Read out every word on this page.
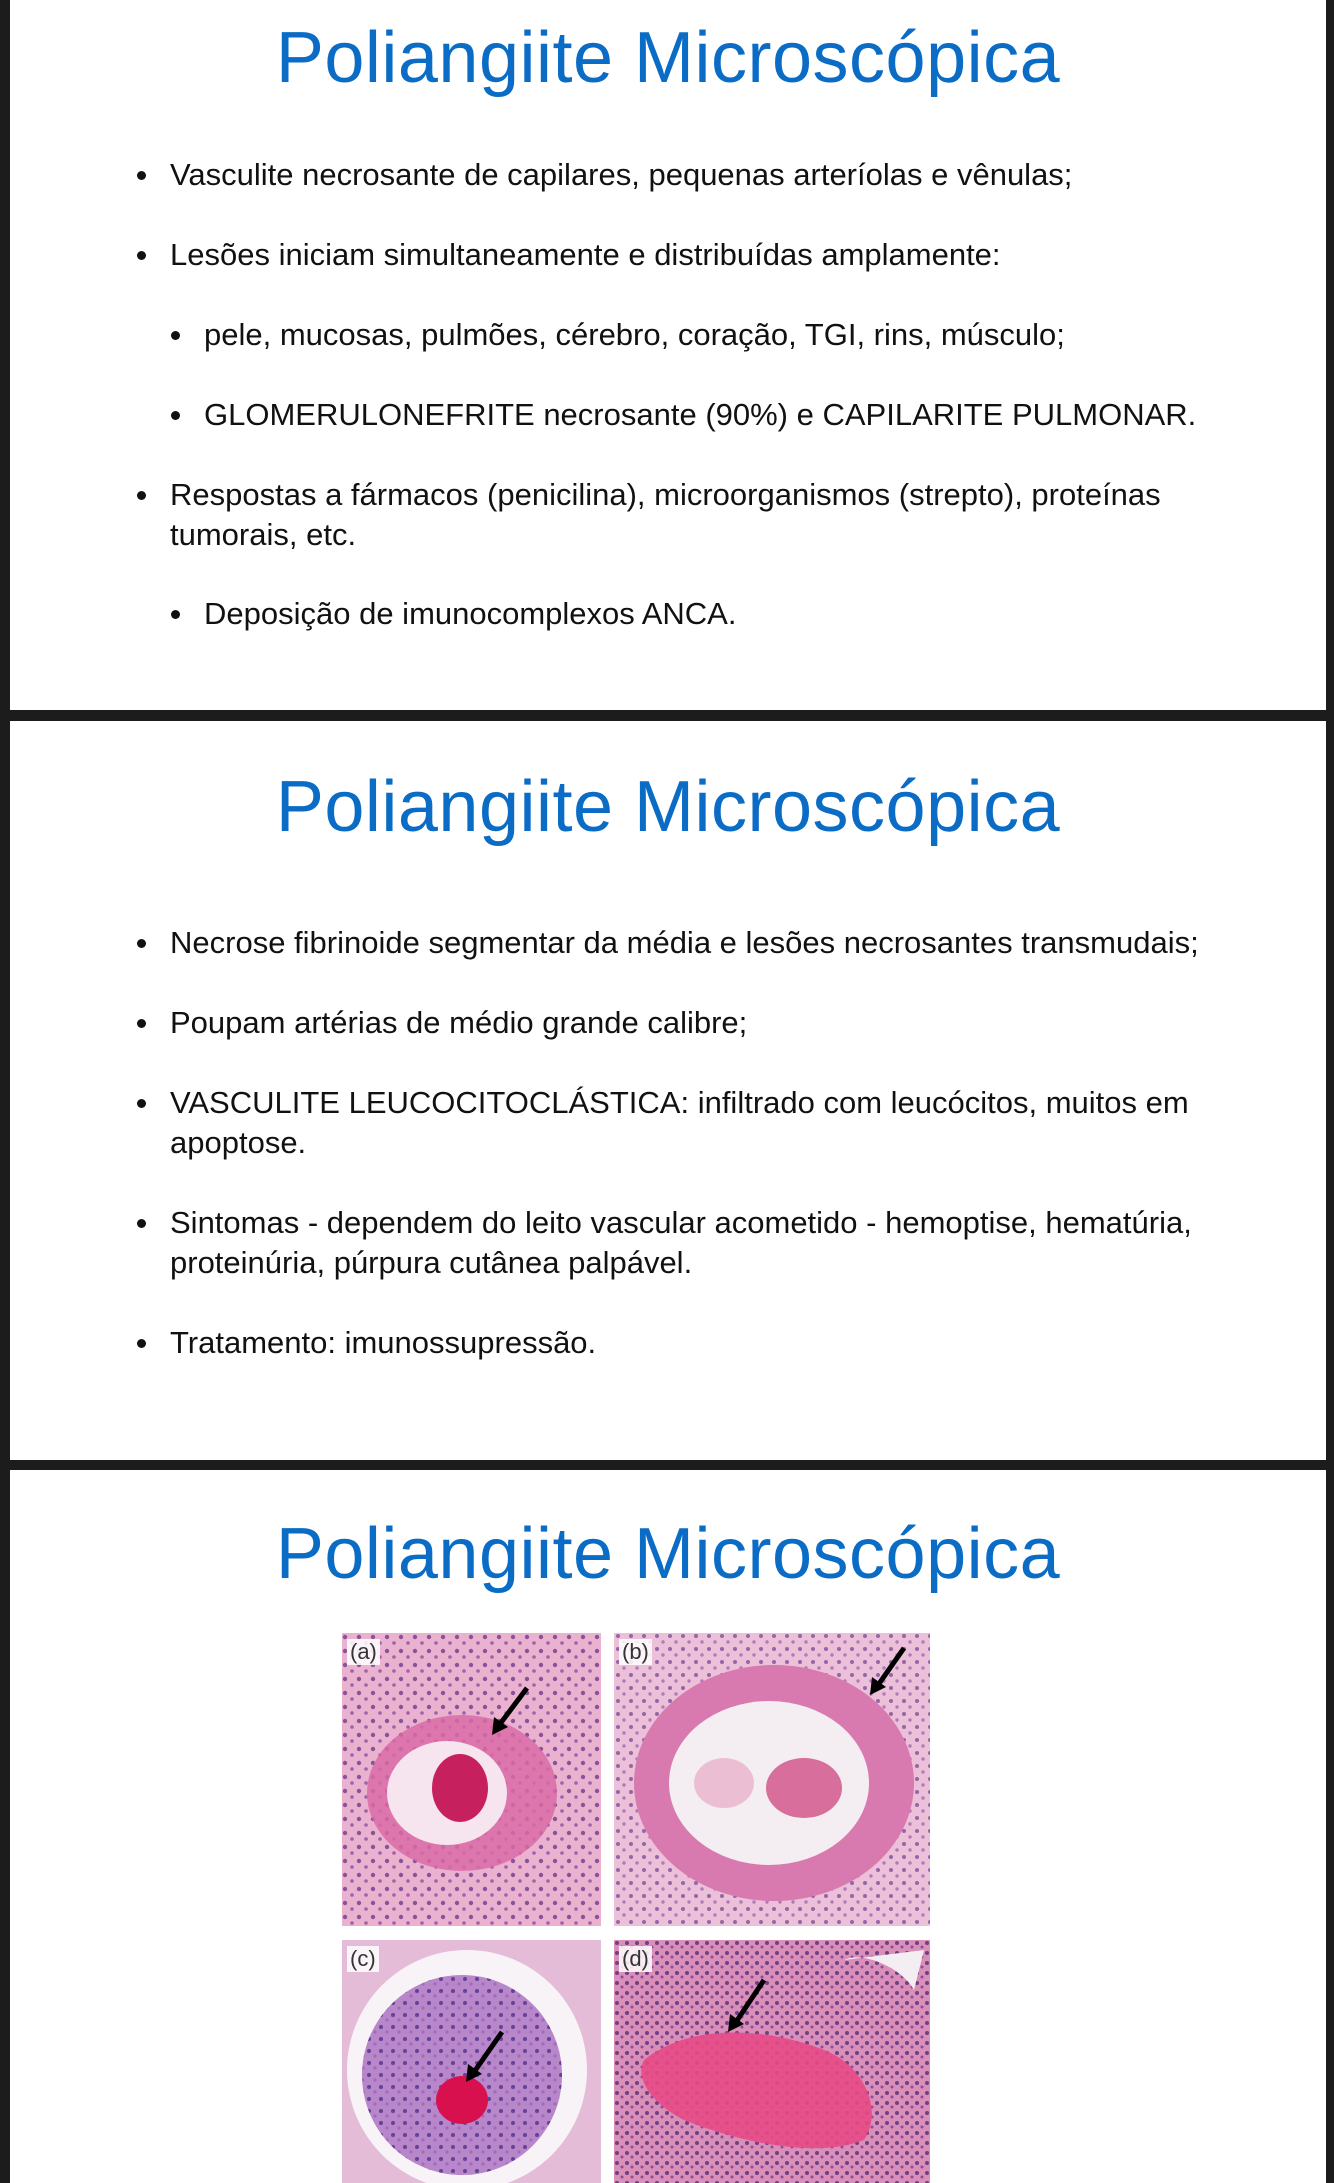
Poliangiite Microscópica
Vasculite necrosante de capilares, pequenas arteríolas e vênulas;
Lesões iniciam simultaneamente e distribuídas amplamente:
pele, mucosas, pulmões, cérebro, coração, TGI, rins, músculo;
GLOMERULONEFRITE necrosante (90%) e CAPILARITE PULMONAR.
Respostas a fármacos (penicilina), microorganismos (strepto), proteínas tumorais, etc.
Deposição de imunocomplexos ANCA.
Poliangiite Microscópica
Necrose fibrinoide segmentar da média e lesões necrosantes transmudais;
Poupam artérias de médio grande calibre;
VASCULITE LEUCOCITOCLÁSTICA: infiltrado com leucócitos, muitos em apoptose.
Sintomas - dependem do leito vascular acometido - hemoptise, hematúria, proteinúria, púrpura cutânea palpável.
Tratamento: imunossupressão.
Poliangiite Microscópica
(a)	(b)
(c)	(d)
